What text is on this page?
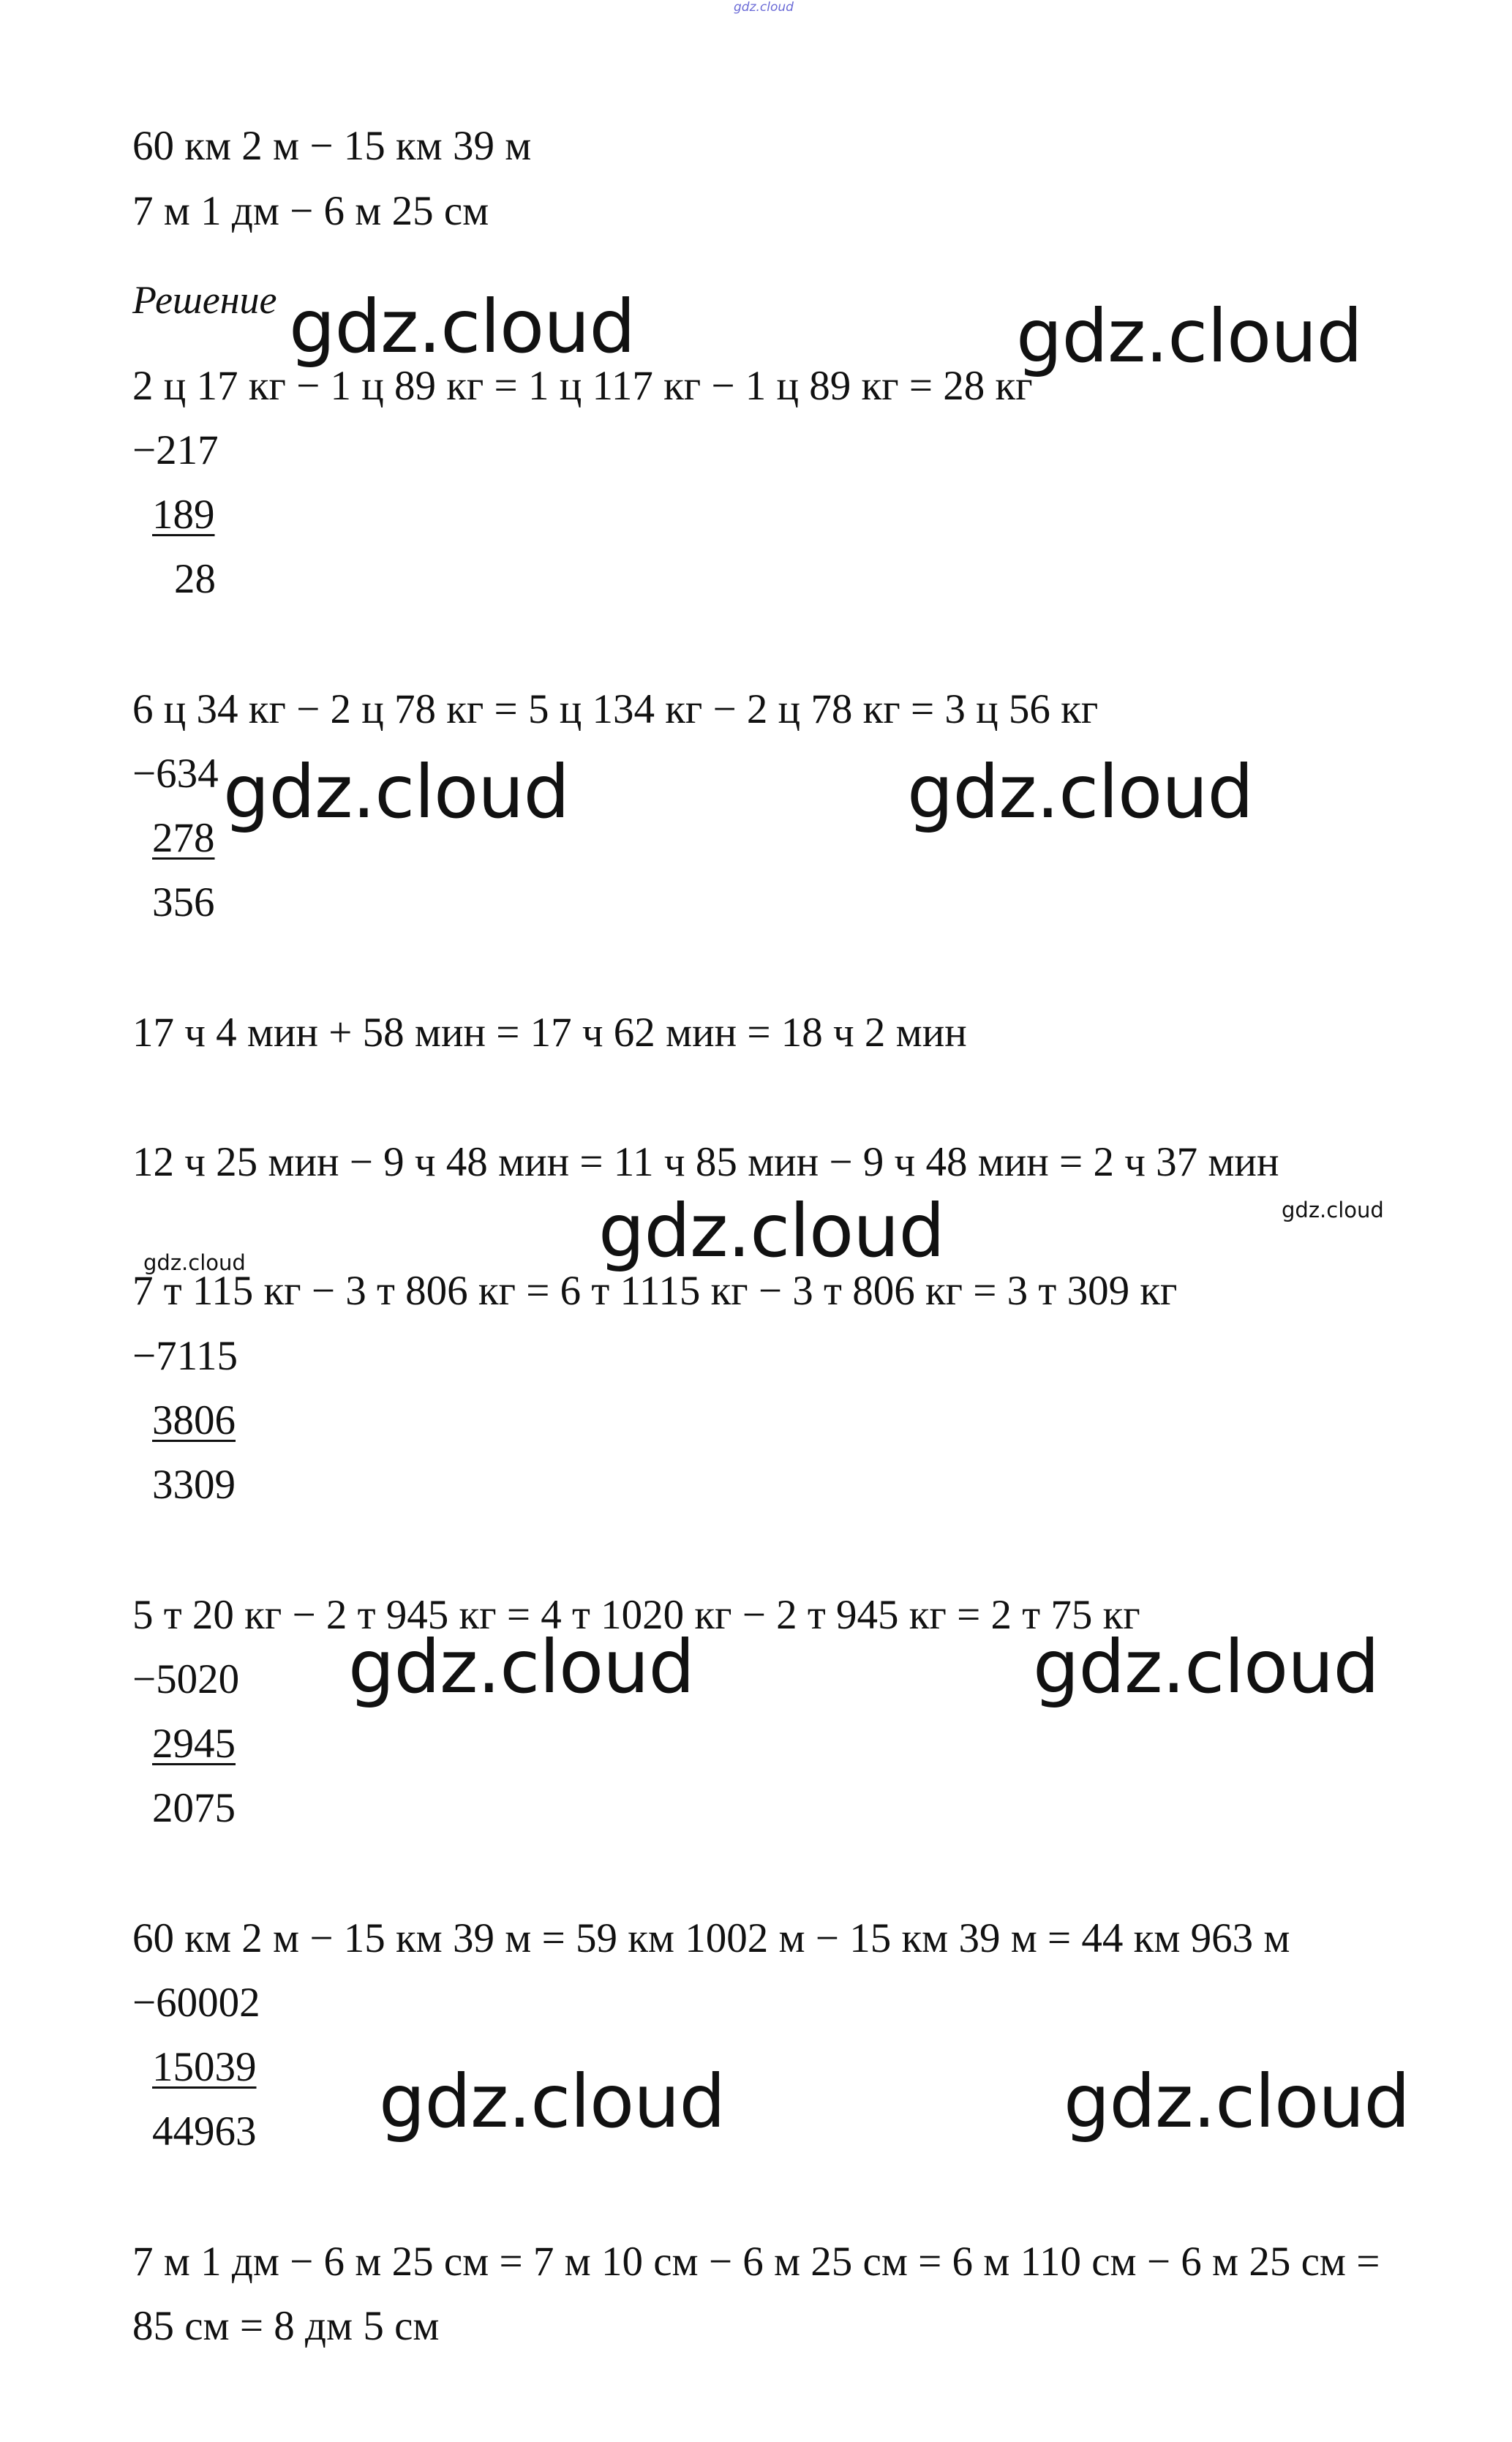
gdz.cloud
60 км 2 м − 15 км 39 м
7 м 1 дм − 6 м 25 см
Решение
2 ц 17 кг − 1 ц 89 кг = 1 ц 117 кг − 1 ц 89 кг = 28 кг
−217
189
28
6 ц 34 кг − 2 ц 78 кг = 5 ц 134 кг − 2 ц 78 кг = 3 ц 56 кг
−634
278
356
17 ч 4 мин + 58 мин = 17 ч 62 мин = 18 ч 2 мин
12 ч 25 мин − 9 ч 48 мин = 11 ч 85 мин − 9 ч 48 мин = 2 ч 37 мин
7 т 115 кг − 3 т 806 кг = 6 т 1115 кг − 3 т 806 кг = 3 т 309 кг
−7115
3806
3309
5 т 20 кг − 2 т 945 кг = 4 т 1020 кг − 2 т 945 кг = 2 т 75 кг
−5020
2945
2075
60 км 2 м − 15 км 39 м = 59 км 1002 м − 15 км 39 м = 44 км 963 м
−60002
15039
44963
7 м 1 дм − 6 м 25 см = 7 м 10 см − 6 м 25 см = 6 м 110 см − 6 м 25 см =
85 см = 8 дм 5 см
gdz.cloud	gdz.cloud
gdz.cloud	gdz.cloud
gdz.cloud	gdz.cloud
gdz.cloud
gdz.cloud	gdz.cloud
gdz.cloud	gdz.cloud
